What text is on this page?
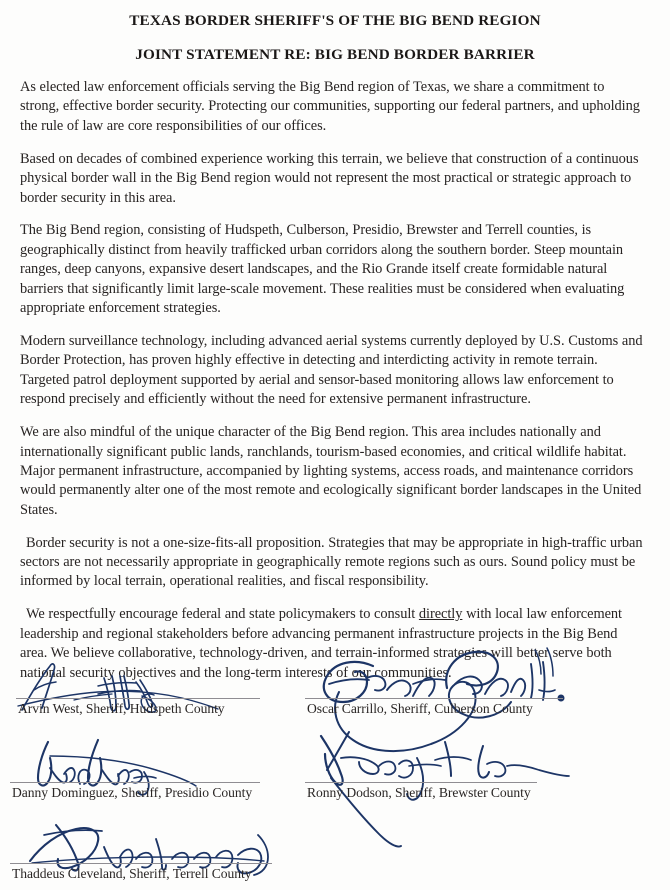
TEXAS BORDER SHERIFF'S OF THE BIG BEND REGION
JOINT STATEMENT RE: BIG BEND BORDER BARRIER

As elected law enforcement officials serving the Big Bend region of Texas, we share a commitment to strong, effective border security. Protecting our communities, supporting our federal partners, and upholding the rule of law are core responsibilities of our offices.

Based on decades of combined experience working this terrain, we believe that construction of a continuous physical border wall in the Big Bend region would not represent the most practical or strategic approach to border security in this area.

The Big Bend region, consisting of Hudspeth, Culberson, Presidio, Brewster and Terrell counties, is geographically distinct from heavily trafficked urban corridors along the southern border. Steep mountain ranges, deep canyons, expansive desert landscapes, and the Rio Grande itself create formidable natural barriers that significantly limit large-scale movement. These realities must be considered when evaluating appropriate enforcement strategies.

Modern surveillance technology, including advanced aerial systems currently deployed by U.S. Customs and Border Protection, has proven highly effective in detecting and interdicting activity in remote terrain. Targeted patrol deployment supported by aerial and sensor-based monitoring allows law enforcement to respond precisely and efficiently without the need for extensive permanent infrastructure.

We are also mindful of the unique character of the Big Bend region. This area includes nationally and internationally significant public lands, ranchlands, tourism-based economies, and critical wildlife habitat. Major permanent infrastructure, accompanied by lighting systems, access roads, and maintenance corridors would permanently alter one of the most remote and ecologically significant border landscapes in the United States.

Border security is not a one-size-fits-all proposition. Strategies that may be appropriate in high-traffic urban sectors are not necessarily appropriate in geographically remote regions such as ours. Sound policy must be informed by local terrain, operational realities, and fiscal responsibility.

We respectfully encourage federal and state policymakers to consult directly with local law enforcement leadership and regional stakeholders before advancing permanent infrastructure projects in the Big Bend area. We believe collaborative, technology-driven, and terrain-informed strategies will better serve both national security objectives and the long-term interests of our communities.

Arvin West, Sheriff, Hudspeth County	Oscar Carrillo, Sheriff, Culberson County
Danny Dominguez, Sheriff, Presidio County	Ronny Dodson, Sheriff, Brewster County
Thaddeus Cleveland, Sheriff, Terrell County
